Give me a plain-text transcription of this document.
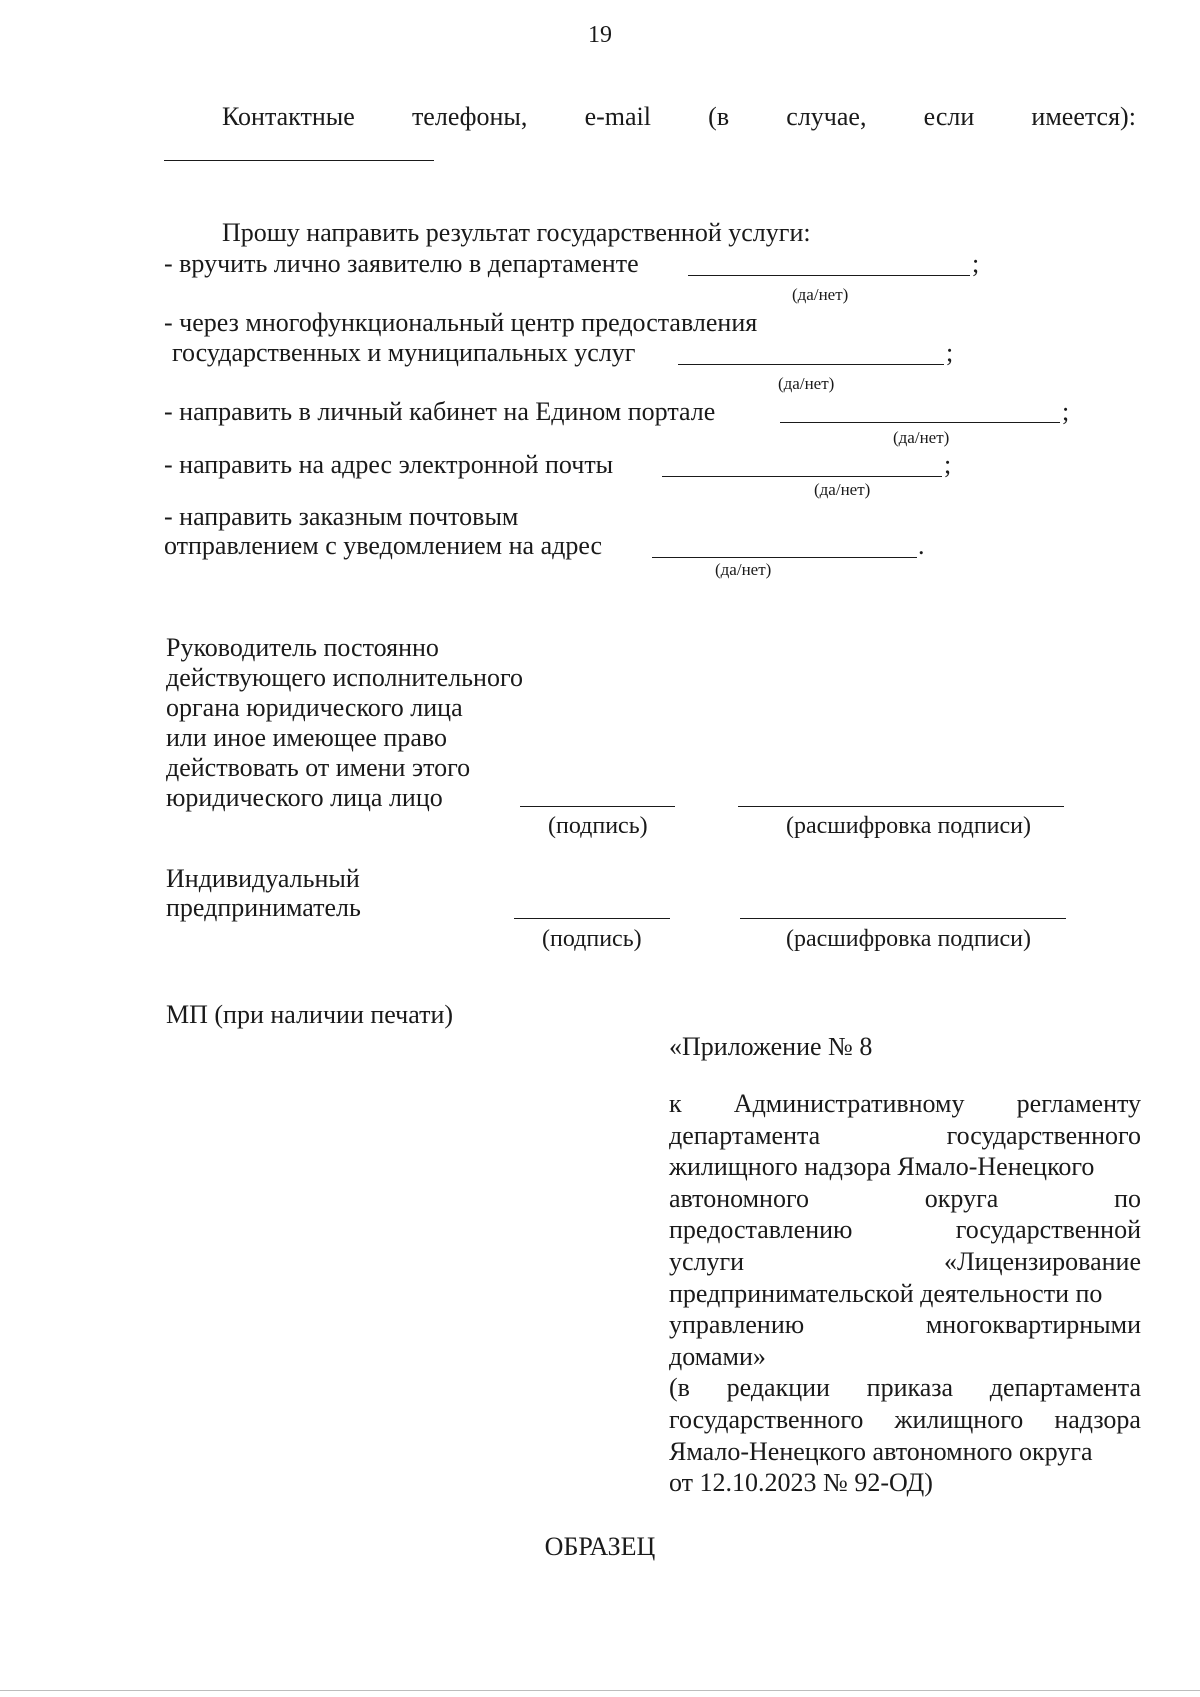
19
Контактные телефоны, e-mail (в случае, если имеется):
Прошу направить результат государственной услуги:
- вручить лично заявителю в департаменте	;
(да/нет)
- через многофункциональный центр предоставления
государственных и муниципальных услуг	;
(да/нет)
- направить в личный кабинет на Едином портале	;
(да/нет)
- направить на адрес электронной почты	;
(да/нет)
- направить заказным почтовым
отправлением с уведомлением на адрес	.
(да/нет)
Руководитель постоянно
действующего исполнительного
органа юридического лица
или иное имеющее право
действовать от имени этого
юридического лица лицо
(подпись)	(расшифровка подписи)
Индивидуальный
предприниматель
(подпись)	(расшифровка подписи)
МП (при наличии печати)
«Приложение № 8
к Административному регламенту
департамента	государственного
жилищного надзора Ямало-Ненецкого
автономного	округа	по
предоставлению	государственной
услуги	«Лицензирование
предпринимательской деятельности по
управлению	многоквартирными
домами»
(в редакции приказа департамента
государственного жилищного надзора
Ямало-Ненецкого автономного округа
от 12.10.2023 № 92-ОД)
ОБРАЗЕЦ
